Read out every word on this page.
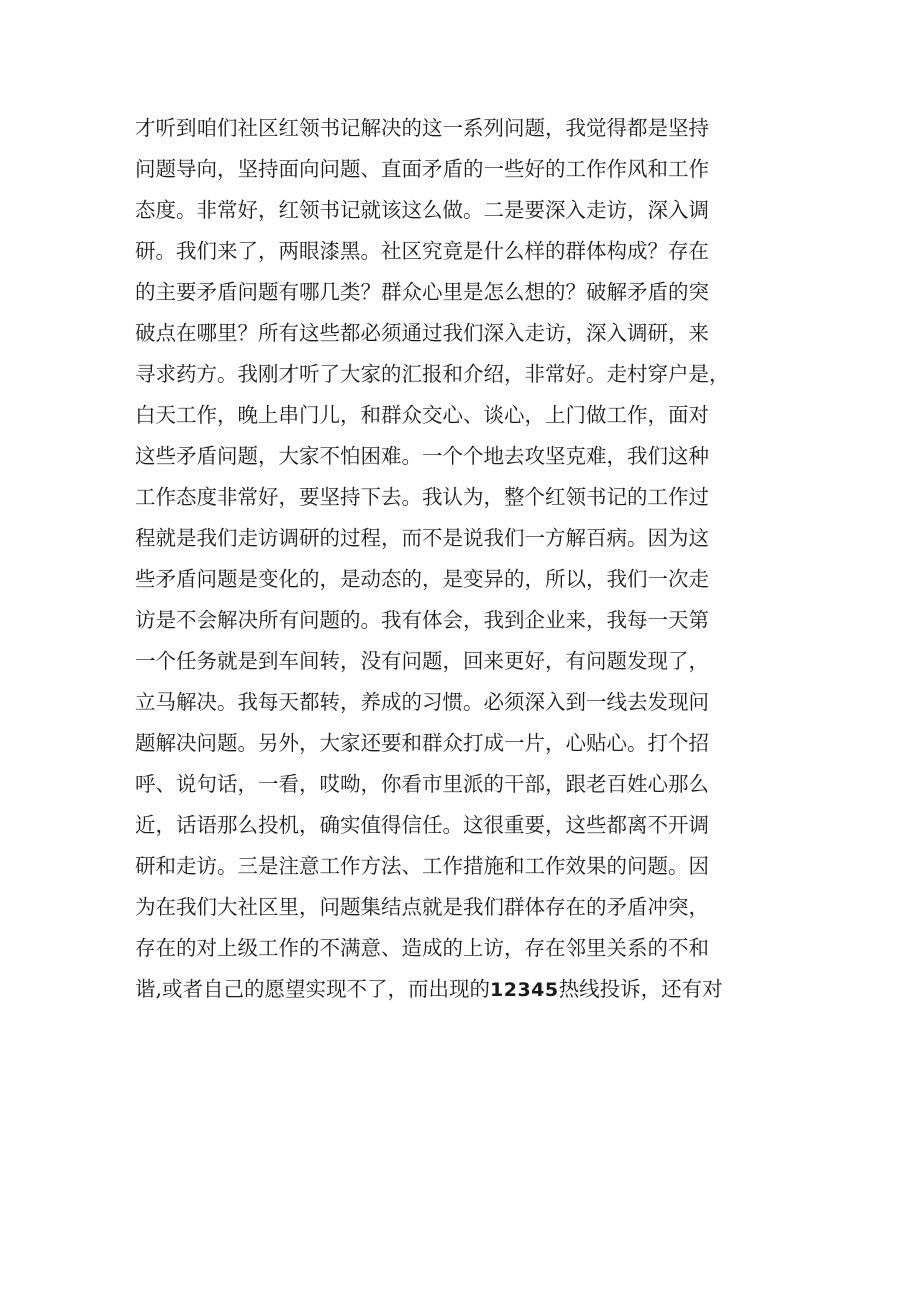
才听到咱们社区红领书记解决的这一系列问题，我觉得都是坚持
问题导向，坚持面向问题、直面矛盾的一些好的工作作风和工作
态度。非常好，红领书记就该这么做。二是要深入走访，深入调
研。我们来了，两眼漆黑。社区究竟是什么样的群体构成？存在
的主要矛盾问题有哪几类？群众心里是怎么想的？破解矛盾的突
破点在哪里？所有这些都必须通过我们深入走访，深入调研，来
寻求药方。我刚才听了大家的汇报和介绍，非常好。走村穿户是，
白天工作，晚上串门儿，和群众交心、谈心，上门做工作，面对
这些矛盾问题，大家不怕困难。一个个地去攻坚克难，我们这种
工作态度非常好，要坚持下去。我认为，整个红领书记的工作过
程就是我们走访调研的过程，而不是说我们一方解百病。因为这
些矛盾问题是变化的，是动态的，是变异的，所以，我们一次走
访是不会解决所有问题的。我有体会，我到企业来，我每一天第
一个任务就是到车间转，没有问题，回来更好，有问题发现了，
立马解决。我每天都转，养成的习惯。必须深入到一线去发现问
题解决问题。另外，大家还要和群众打成一片，心贴心。打个招
呼、说句话，一看，哎呦，你看市里派的干部，跟老百姓心那么
近，话语那么投机，确实值得信任。这很重要，这些都离不开调
研和走访。三是注意工作方法、工作措施和工作效果的问题。因
为在我们大社区里，问题集结点就是我们群体存在的矛盾冲突，
存在的对上级工作的不满意、造成的上访，存在邻里关系的不和
谐,或者自己的愿望实现不了，而出现的12345热线投诉，还有对
